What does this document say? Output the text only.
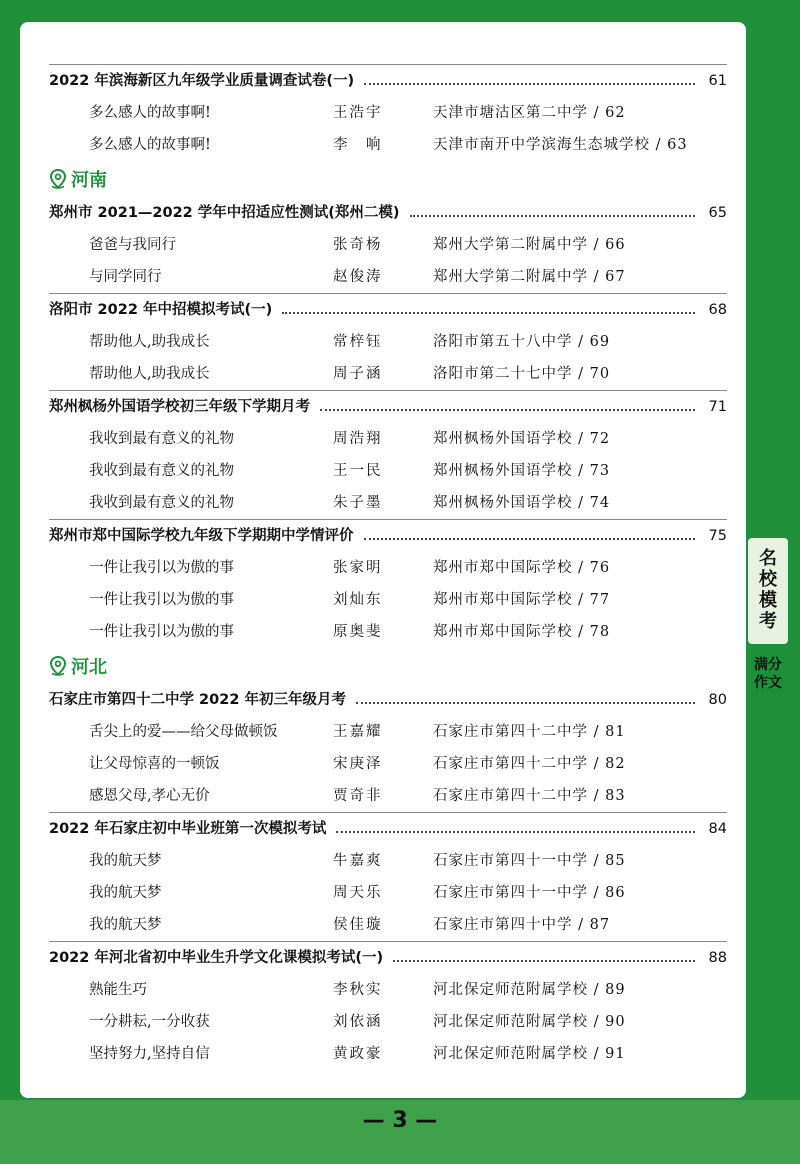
— 3 —
名校模考
满分作文
2022 年滨海新区九年级学业质量调查试卷(一)	61
多么感人的故事啊!	王浩宇	天津市塘沽区第二中学 / 62
多么感人的故事啊!	李　响	天津市南开中学滨海生态城学校 / 63
河南
郑州市 2021—2022 学年中招适应性测试(郑州二模)	65
爸爸与我同行	张奇杨	郑州大学第二附属中学 / 66
与同学同行	赵俊涛	郑州大学第二附属中学 / 67
洛阳市 2022 年中招模拟考试(一)	68
帮助他人,助我成长	常梓钰	洛阳市第五十八中学 / 69
帮助他人,助我成长	周子涵	洛阳市第二十七中学 / 70
郑州枫杨外国语学校初三年级下学期月考	71
我收到最有意义的礼物	周浩翔	郑州枫杨外国语学校 / 72
我收到最有意义的礼物	王一民	郑州枫杨外国语学校 / 73
我收到最有意义的礼物	朱子墨	郑州枫杨外国语学校 / 74
郑州市郑中国际学校九年级下学期期中学情评价	75
一件让我引以为傲的事	张家明	郑州市郑中国际学校 / 76
一件让我引以为傲的事	刘灿东	郑州市郑中国际学校 / 77
一件让我引以为傲的事	原奥斐	郑州市郑中国际学校 / 78
河北
石家庄市第四十二中学 2022 年初三年级月考	80
舌尖上的爱——给父母做顿饭	王嘉耀	石家庄市第四十二中学 / 81
让父母惊喜的一顿饭	宋庚泽	石家庄市第四十二中学 / 82
感恩父母,孝心无价	贾奇非	石家庄市第四十二中学 / 83
2022 年石家庄初中毕业班第一次模拟考试	84
我的航天梦	牛嘉爽	石家庄市第四十一中学 / 85
我的航天梦	周天乐	石家庄市第四十一中学 / 86
我的航天梦	侯佳璇	石家庄市第四十中学 / 87
2022 年河北省初中毕业生升学文化课模拟考试(一)	88
熟能生巧	李秋实	河北保定师范附属学校 / 89
一分耕耘,一分收获	刘依涵	河北保定师范附属学校 / 90
坚持努力,坚持自信	黄政豪	河北保定师范附属学校 / 91
